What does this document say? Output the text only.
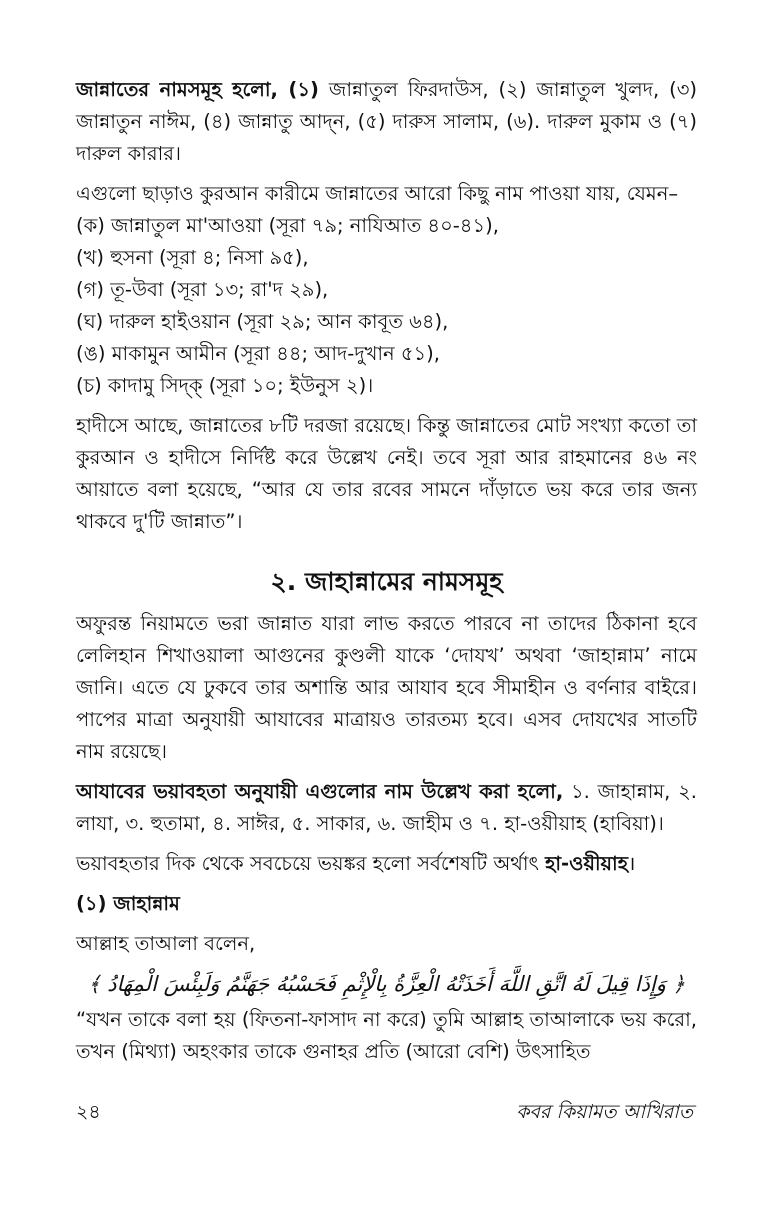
জান্নাতের নামসমূহ হলো, (১) জান্নাতুল ফিরদাউস, (২) জান্নাতুল খুলদ, (৩) জান্নাতুন নাঈম, (৪) জান্নাতু আদ্‌ন, (৫) দারুস সালাম, (৬). দারুল মুকাম ও (৭) দারুল কারার।

এগুলো ছাড়াও কুরআন কারীমে জান্নাতের আরো কিছু নাম পাওয়া যায়, যেমন–

(ক) জান্নাতুল মা'আওয়া (সূরা ৭৯; নাযিআত ৪০-৪১),

(খ) হুসনা (সূরা ৪; নিসা ৯৫),

(গ) তূ-উবা (সূরা ১৩; রা'দ ২৯),

(ঘ) দারুল হাইওয়ান (সূরা ২৯; আন কাবূত ৬৪),

(ঙ) মাকামুন আমীন (সূরা ৪৪; আদ-দুখান ৫১),

(চ) কাদামু সিদ্‌ক্‌ (সূরা ১০; ইউনুস ২)।

হাদীসে আছে, জান্নাতের ৮টি দরজা রয়েছে। কিন্তু জান্নাতের মোট সংখ্যা কতো তা কুরআন ও হাদীসে নির্দিষ্ট করে উল্লেখ নেই। তবে সূরা আর রাহমানের ৪৬ নং আয়াতে বলা হয়েছে, “আর যে তার রবের সামনে দাঁড়াতে ভয় করে তার জন্য থাকবে দু'টি জান্নাত”।

২. জাহান্নামের নামসমূহ

অফুরন্ত নিয়ামতে ভরা জান্নাত যারা লাভ করতে পারবে না তাদের ঠিকানা হবে লেলিহান শিখাওয়ালা আগুনের কুণ্ডলী যাকে ‘দোযখ’ অথবা ‘জাহান্নাম’ নামে জানি। এতে যে ঢুকবে তার অশান্তি আর আযাব হবে সীমাহীন ও বর্ণনার বাইরে। পাপের মাত্রা অনুযায়ী আযাবের মাত্রায়ও তারতম্য হবে। এসব দোযখের সাতটি নাম রয়েছে।

আযাবের ভয়াবহতা অনুযায়ী এগুলোর নাম উল্লেখ করা হলো, ১. জাহান্নাম, ২. লাযা, ৩. হুতামা, ৪. সাঈর, ৫. সাকার, ৬. জাহীম ও ৭. হা-ওয়ীয়াহ (হাবিয়া)।

ভয়াবহতার দিক থেকে সবচেয়ে ভয়ঙ্কর হলো সর্বশেষটি অর্থাৎ হা-ওয়ীয়াহ।

(১) জাহান্নাম

আল্লাহ তাআলা বলেন,

﴿ وَإِذَا قِيلَ لَهُ اتَّقِ اللَّهَ أَخَذَتْهُ الْعِزَّةُ بِالْإِثْمِ فَحَسْبُهُ جَهَنَّمُ وَلَبِئْسَ الْمِهَادُ ﴾

“যখন তাকে বলা হয় (ফিতনা-ফাসাদ না করে) তুমি আল্লাহ তাআলাকে ভয় করো, তখন (মিথ্যা) অহংকার তাকে গুনাহর প্রতি (আরো বেশি) উৎসাহিত

২৪	কবর কিয়ামত আখিরাত
